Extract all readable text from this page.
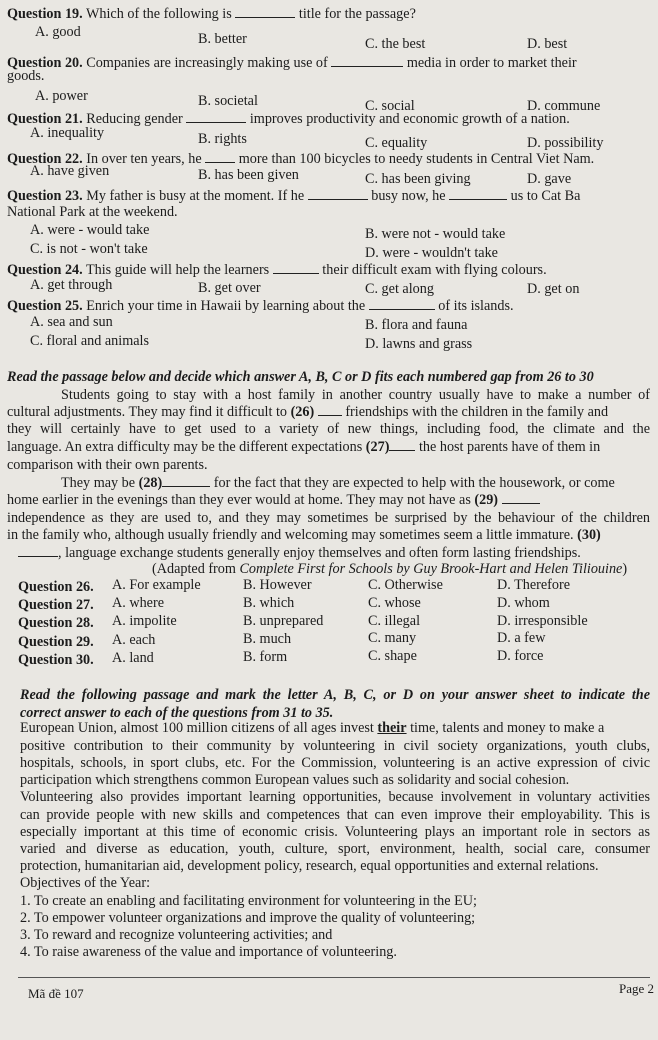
Question 19. Which of the following is	title for the passage?
A. good	B. better	C. the best	D. best
Question 20. Companies are increasingly making use of	media in order to market their
goods.
A. power	B. societal	C. social	D. commune
Question 21. Reducing gender	improves productivity and economic growth of a nation.
A. inequality	B. rights	C. equality	D. possibility
Question 22. In over ten years, he	more than 100 bicycles to needy students in Central Viet Nam.
A. have given	B. has been given	C. has been giving	D. gave
Question 23. My father is busy at the moment. If he	busy now, he	us to Cat Ba
National Park at the weekend.
A. were - would take	B. were not - would take
C. is not - won't take	D. were - wouldn't take
Question 24. This guide will help the learners	their difficult exam with flying colours.
A. get through	B. get over	C. get along	D. get on
Question 25. Enrich your time in Hawaii by learning about the	of its islands.
A. sea and sun	B. flora and fauna
C. floral and animals	D. lawns and grass
Read the passage below and decide which answer A, B, C or D fits each numbered gap from 26 to 30
Students going to stay with a host family in another country usually have to make a number of
cultural adjustments. They may find it difficult to (26) friendships with the children in the family and
they will certainly have to get used to a variety of new things, including food, the climate and the
language. An extra difficulty may be the different expectations (27) the host parents have of them in
comparison with their own parents.
They may be (28)	for the fact that they are expected to help with the housework, or come
home earlier in the evenings than they ever would at home. They may not have as (29)
independence as they are used to, and they may sometimes be surprised by the behaviour of the children
in the family who, although usually friendly and welcoming may sometimes seem a little immature. (30)
, language exchange students generally enjoy themselves and often form lasting friendships.
(Adapted from Complete First for Schools by Guy Brook-Hart and Helen Tiliouine)
Question 26. A. For example	B. However	C. Otherwise	D. Therefore
Question 27. A. where	B. which	C. whose	D. whom
Question 28. A. impolite	B. unprepared	C. illegal	D. irresponsible
Question 29. A. each	B. much	C. many	D. a few
Question 30. A. land	B. form	C. shape	D. force
Read the following passage and mark the letter A, B, C, or D on your answer sheet to indicate the
correct answer to each of the questions from 31 to 35.
European Union, almost 100 million citizens of all ages invest their time, talents and money to make a
positive contribution to their community by volunteering in civil society organizations, youth clubs,
hospitals, schools, in sport clubs, etc. For the Commission, volunteering is an active expression of civic
participation which strengthens common European values such as solidarity and social cohesion.
Volunteering also provides important learning opportunities, because involvement in voluntary activities
can provide people with new skills and competences that can even improve their employability. This is
especially important at this time of economic crisis. Volunteering plays an important role in sectors as
varied and diverse as education, youth, culture, sport, environment, health, social care, consumer
protection, humanitarian aid, development policy, research, equal opportunities and external relations.
Objectives of the Year:
1. To create an enabling and facilitating environment for volunteering in the EU;
2. To empower volunteer organizations and improve the quality of volunteering;
3. To reward and recognize volunteering activities; and
4. To raise awareness of the value and importance of volunteering.
Mã đề 107	Page 2
